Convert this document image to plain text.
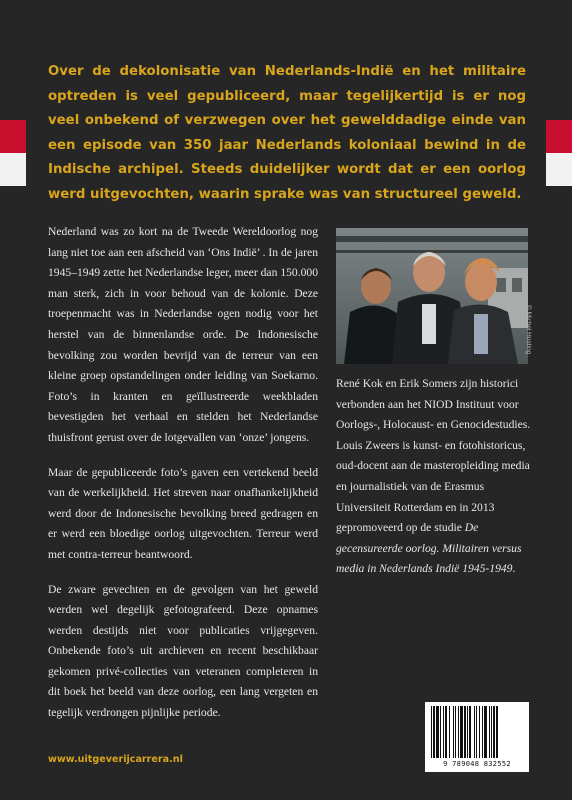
Over de dekolonisatie van Nederlands-Indië en het militaire optreden is veel gepubliceerd, maar tegelijkertijd is er nog veel onbekend of verzwegen over het gewelddadige einde van een episode van 350 jaar Nederlands koloniaal bewind in de Indische archipel. Steeds duidelijker wordt dat er een oorlog werd uitgevochten, waarin sprake was van structureel geweld.

Nederland was zo kort na de Tweede Wereldoorlog nog lang niet toe aan een afscheid van ‘Ons Indië’ . In de jaren 1945–1949 zette het Nederlandse leger, meer dan 150.000 man sterk, zich in voor behoud van de kolonie. Deze troepenmacht was in Nederlandse ogen nodig voor het herstel van de binnenlandse orde. De Indonesische bevolking zou worden bevrijd van de terreur van een kleine groep opstandelingen onder leiding van Soekarno. Foto’s in kranten en geïllustreerde weekbladen bevestigden het verhaal en stelden het Nederlandse thuisfront gerust over de lotgevallen van ‘onze’ jongens.

Maar de gepubliceerde foto’s gaven een vertekend beeld van de werkelijkheid. Het streven naar onafhankelijkheid werd door de Indonesische bevolking breed gedragen en er werd een bloedige oorlog uitgevochten. Terreur werd met contra-terreur beantwoord.

De zware gevechten en de gevolgen van het geweld werden wel degelijk gefotografeerd. Deze opnames werden destijds niet voor publicaties vrijgegeven. Onbekende foto’s uit archieven en recent beschikbaar gekomen privé-collecties van veteranen completeren in dit boek het beeld van deze oorlog, een lang vergeten en tegelijk verdrongen pijnlijke periode.

© Michel Hosting

René Kok en Erik Somers zijn historici verbonden aan het NIOD Instituut voor Oorlogs-, Holocaust- en Genocidestudies. Louis Zweers is kunst- en fotohistoricus, oud-docent aan de masteropleiding media en journalistiek van de Erasmus Universiteit Rotterdam en in 2013 gepromoveerd op de studie De gecensureerde oorlog. Militairen versus media in Nederlands Indië 1945-1949.

www.uitgeverijcarrera.nl	9 789048 832552
